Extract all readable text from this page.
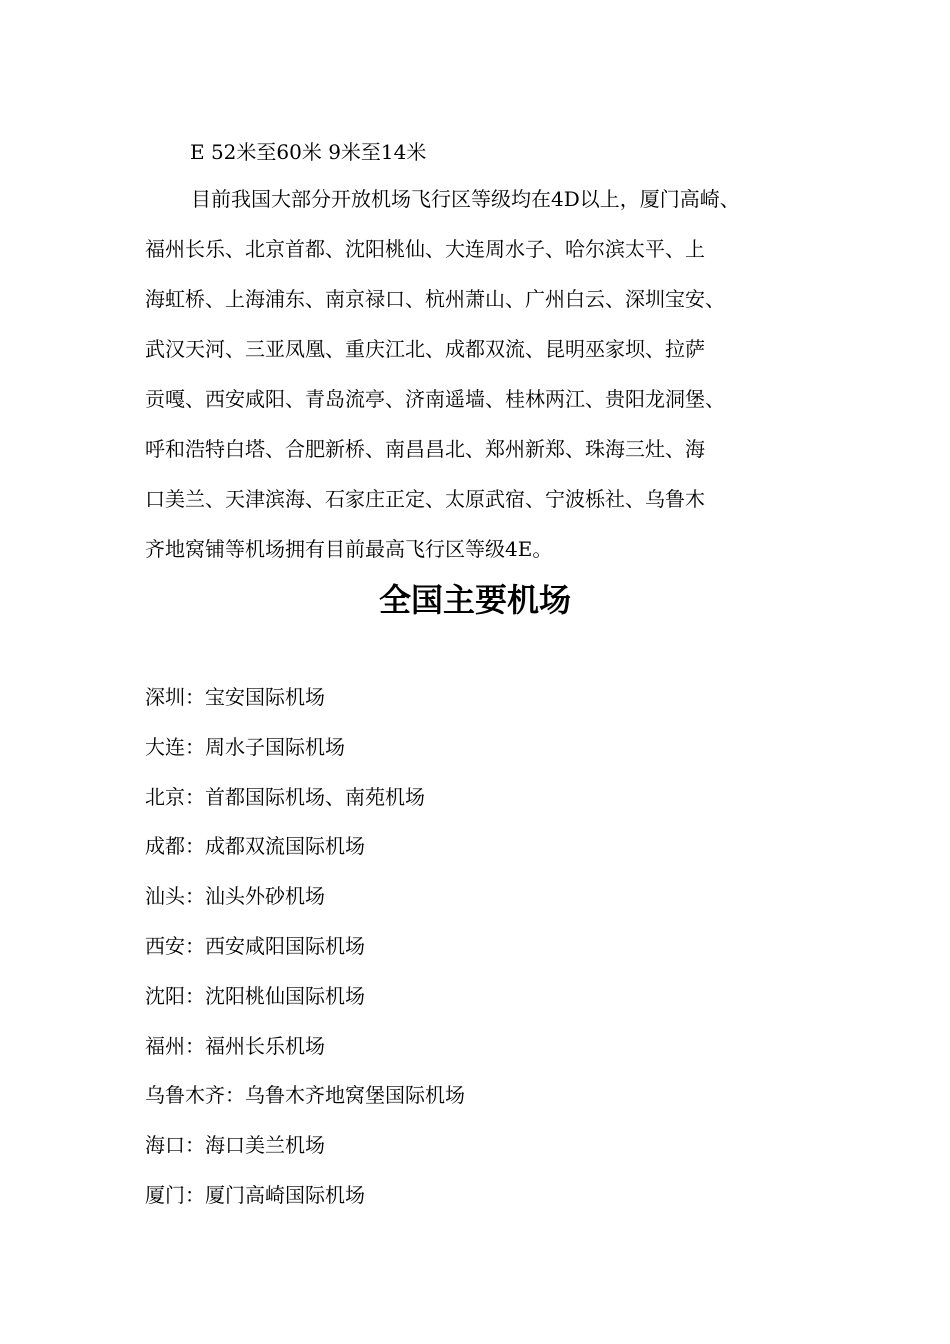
E 52米至60米 9米至14米
目前我国大部分开放机场飞行区等级均在4D以上，厦门高崎、
福州长乐、北京首都、沈阳桃仙、大连周水子、哈尔滨太平、上
海虹桥、上海浦东、南京禄口、杭州萧山、广州白云、深圳宝安、
武汉天河、三亚凤凰、重庆江北、成都双流、昆明巫家坝、拉萨
贡嘎、西安咸阳、青岛流亭、济南遥墙、桂林两江、贵阳龙洞堡、
呼和浩特白塔、合肥新桥、南昌昌北、郑州新郑、珠海三灶、海
口美兰、天津滨海、石家庄正定、太原武宿、宁波栎社、乌鲁木
齐地窝铺等机场拥有目前最高飞行区等级4E。
全国主要机场
深圳：宝安国际机场
大连：周水子国际机场
北京：首都国际机场、南苑机场
成都：成都双流国际机场
汕头：汕头外砂机场
西安：西安咸阳国际机场
沈阳：沈阳桃仙国际机场
福州：福州长乐机场
乌鲁木齐：乌鲁木齐地窝堡国际机场
海口：海口美兰机场
厦门：厦门高崎国际机场
